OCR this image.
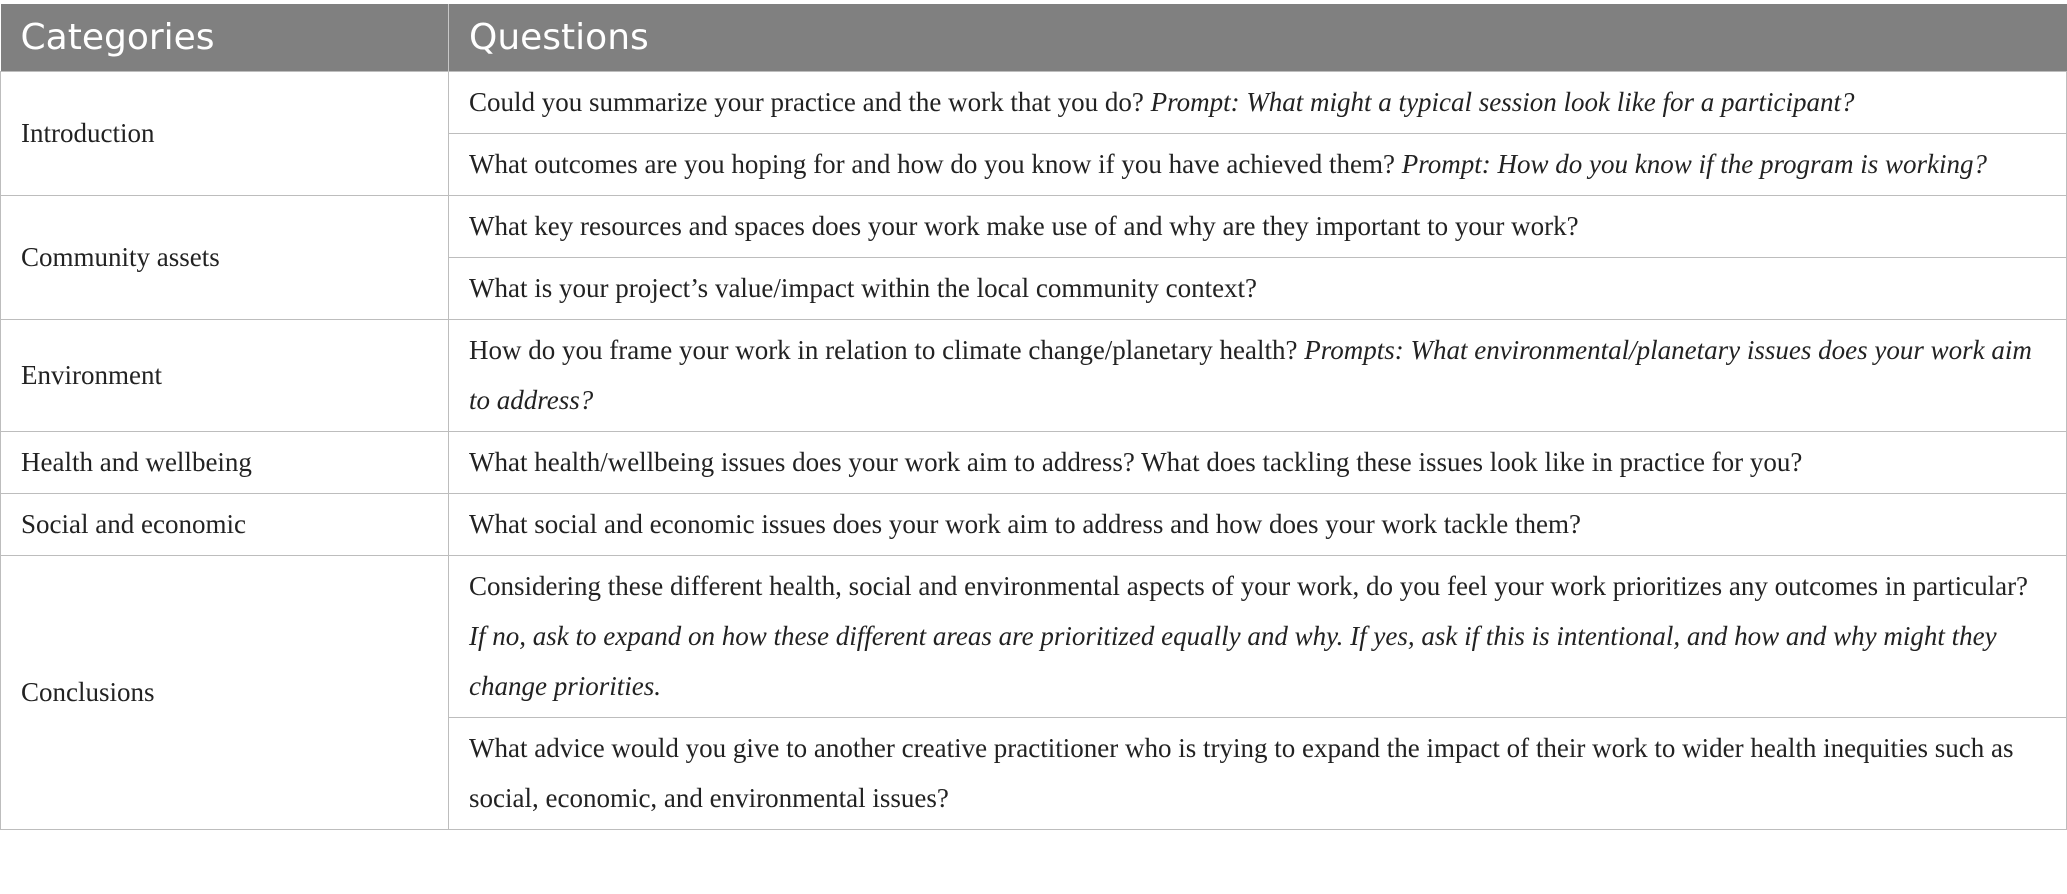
Categories	Questions
Introduction	Could you summarize your practice and the work that you do? Prompt: What might a typical session look like for a participant?
	What outcomes are you hoping for and how do you know if you have achieved them? Prompt: How do you know if the program is working?
Community assets	What key resources and spaces does your work make use of and why are they important to your work?
	What is your project’s value/impact within the local community context?
Environment	How do you frame your work in relation to climate change/planetary health? Prompts: What environmental/planetary issues does your work aim to address?
Health and wellbeing	What health/wellbeing issues does your work aim to address? What does tackling these issues look like in practice for you?
Social and economic	What social and economic issues does your work aim to address and how does your work tackle them?
Conclusions	Considering these different health, social and environmental aspects of your work, do you feel your work prioritizes any outcomes in particular? If no, ask to expand on how these different areas are prioritized equally and why. If yes, ask if this is intentional, and how and why might they change priorities.
	What advice would you give to another creative practitioner who is trying to expand the impact of their work to wider health inequities such as social, economic, and environmental issues?
